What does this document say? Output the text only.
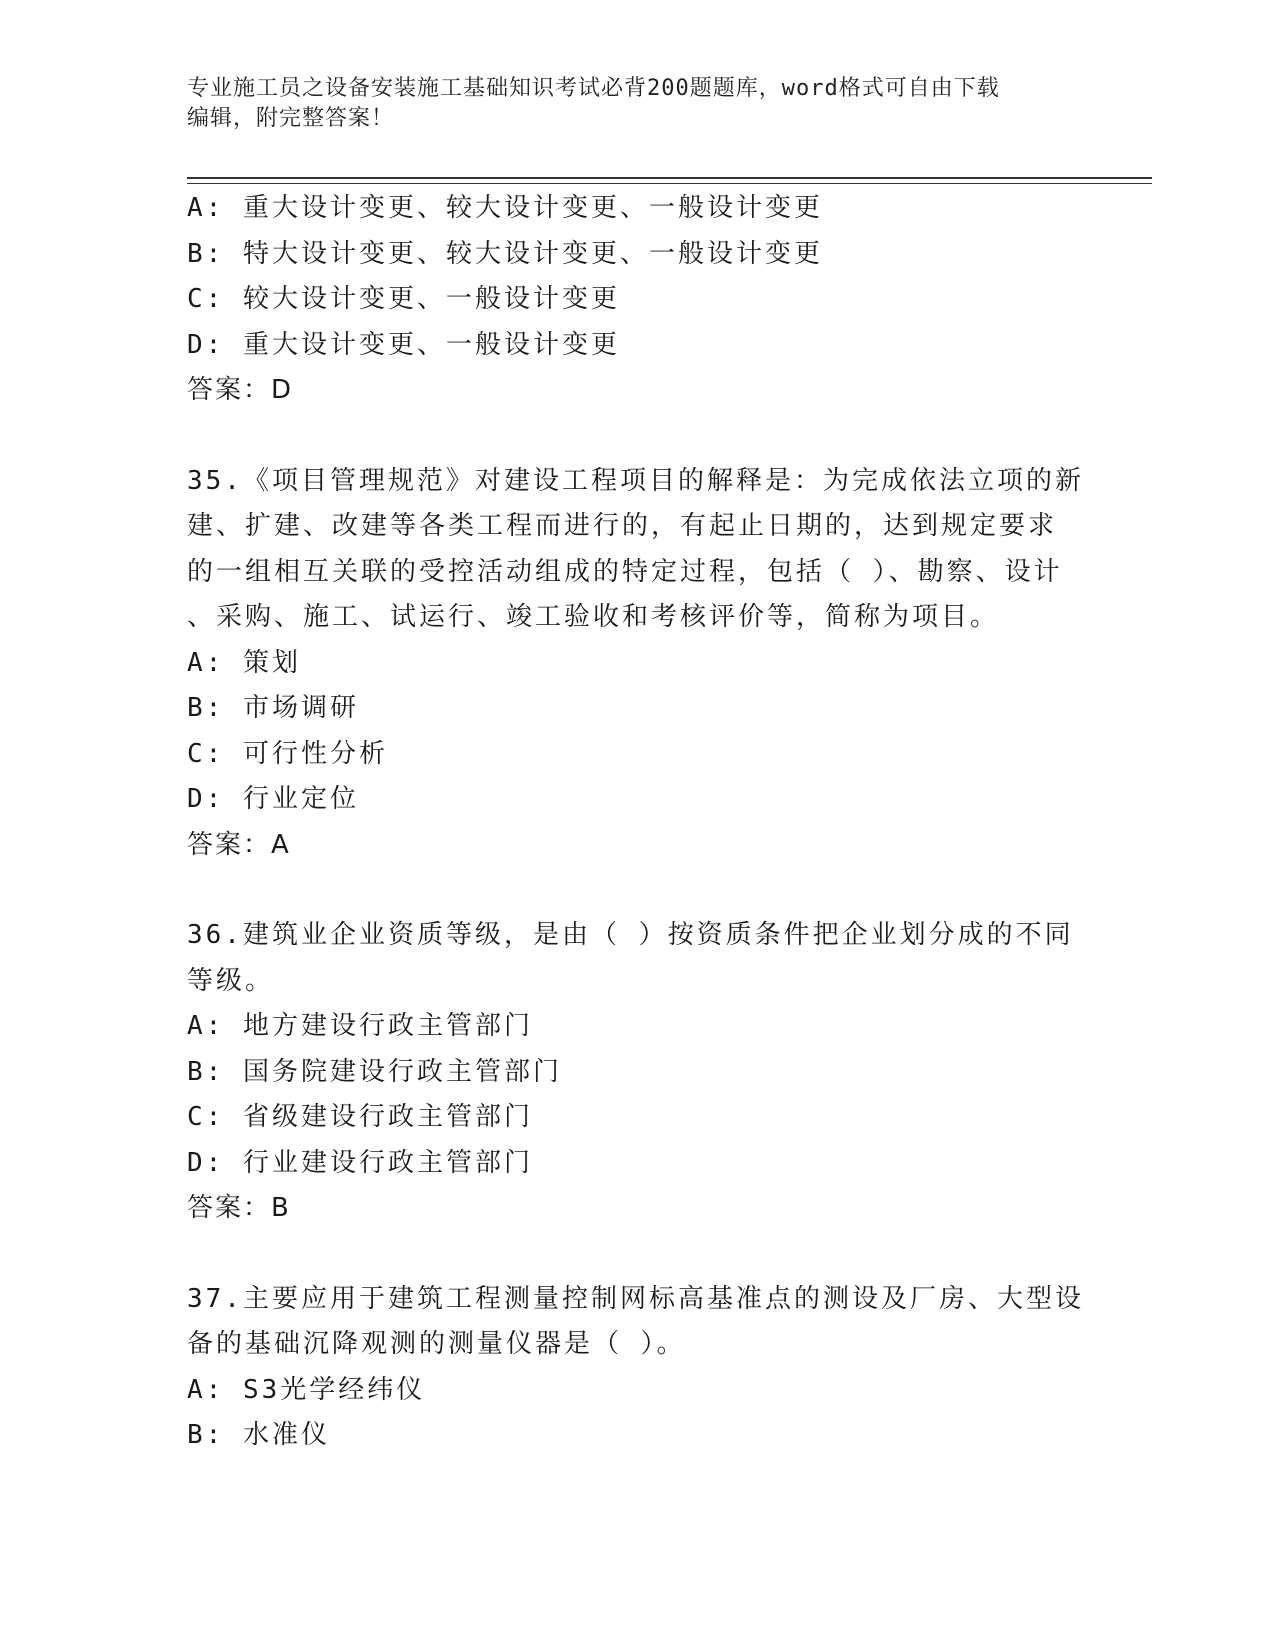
专业施工员之设备安装施工基础知识考试必背200题题库，word格式可自由下载
编辑，附完整答案！
A: 重大设计变更、较大设计变更、一般设计变更
B: 特大设计变更、较大设计变更、一般设计变更
C: 较大设计变更、一般设计变更
D: 重大设计变更、一般设计变更
答案：D
35.《项目管理规范》对建设工程项目的解释是：为完成依法立项的新
建、扩建、改建等各类工程而进行的，有起止日期的，达到规定要求
的一组相互关联的受控活动组成的特定过程，包括（ ）、勘察、设计
、采购、施工、试运行、竣工验收和考核评价等，简称为项目。
A: 策划
B: 市场调研
C: 可行性分析
D: 行业定位
答案：A
36.建筑业企业资质等级，是由（ ）按资质条件把企业划分成的不同
等级。
A: 地方建设行政主管部门
B: 国务院建设行政主管部门
C: 省级建设行政主管部门
D: 行业建设行政主管部门
答案：B
37.主要应用于建筑工程测量控制网标高基准点的测设及厂房、大型设
备的基础沉降观测的测量仪器是（ ）。
A: S3光学经纬仪
B: 水准仪
